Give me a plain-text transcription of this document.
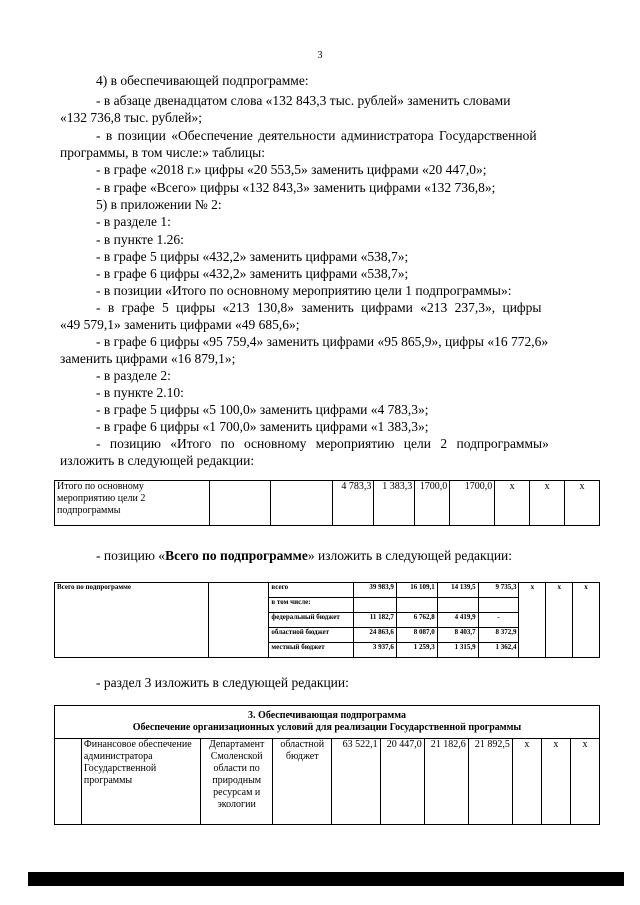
3
4) в обеспечивающей подпрограмме:
- в абзаце двенадцатом слова «132 843,3 тыс. рублей» заменить словами
«132 736,8 тыс. рублей»;
- в позиции «Обеспечение деятельности администратора Государственной
программы, в том числе:» таблицы:
- в графе «2018 г.» цифры «20 553,5» заменить цифрами «20 447,0»;
- в графе «Всего» цифры «132 843,3» заменить цифрами «132 736,8»;
5) в приложении № 2:
- в разделе 1:
- в пункте 1.26:
- в графе 5 цифры «432,2» заменить цифрами «538,7»;
- в графе 6 цифры «432,2» заменить цифрами «538,7»;
- в позиции «Итого по основному мероприятию цели 1 подпрограммы»:
- в графе 5 цифры «213 130,8» заменить цифрами «213 237,3», цифры
«49 579,1» заменить цифрами «49 685,6»;
- в графе 6 цифры «95 759,4» заменить цифрами «95 865,9», цифры «16 772,6»
заменить цифрами «16 879,1»;
- в разделе 2:
- в пункте 2.10:
- в графе 5 цифры «5 100,0» заменить цифрами «4 783,3»;
- в графе 6 цифры «1 700,0» заменить цифрами «1 383,3»;
- позицию «Итого по основному мероприятию цели 2 подпрограммы»
изложить в следующей редакции:
Итого по основному
мероприятию цели 2
подпрограммы
			4 783,3	1 383,3	1700,0	1700,0	x	x	x
- позицию «Всего по подпрограмме» изложить в следующей редакции:
Всего по подпрограмме		всего	39 983,9	16 109,1	14 139,5	9 735,3	x	x	x
		в том числе:							
		федеральный бюджет	11 182,7	6 762,8	4 419,9	-			
		областной бюджет	24 863,6	8 087,0	8 403,7	8 372,9			
		местный бюджет	3 937,6	1 259,3	1 315,9	1 362,4			
- раздел 3 изложить в следующей редакции:
3. Обеспечивающая подпрограмма
Обеспечение организационных условий для реализации Государственной программы

	Финансовое обеспечение администратора Государственной программы	Департамент Смоленской области по природным ресурсам и экологии	областной бюджет	63 522,1	20 447,0	21 182,6	21 892,5	x	x	x
